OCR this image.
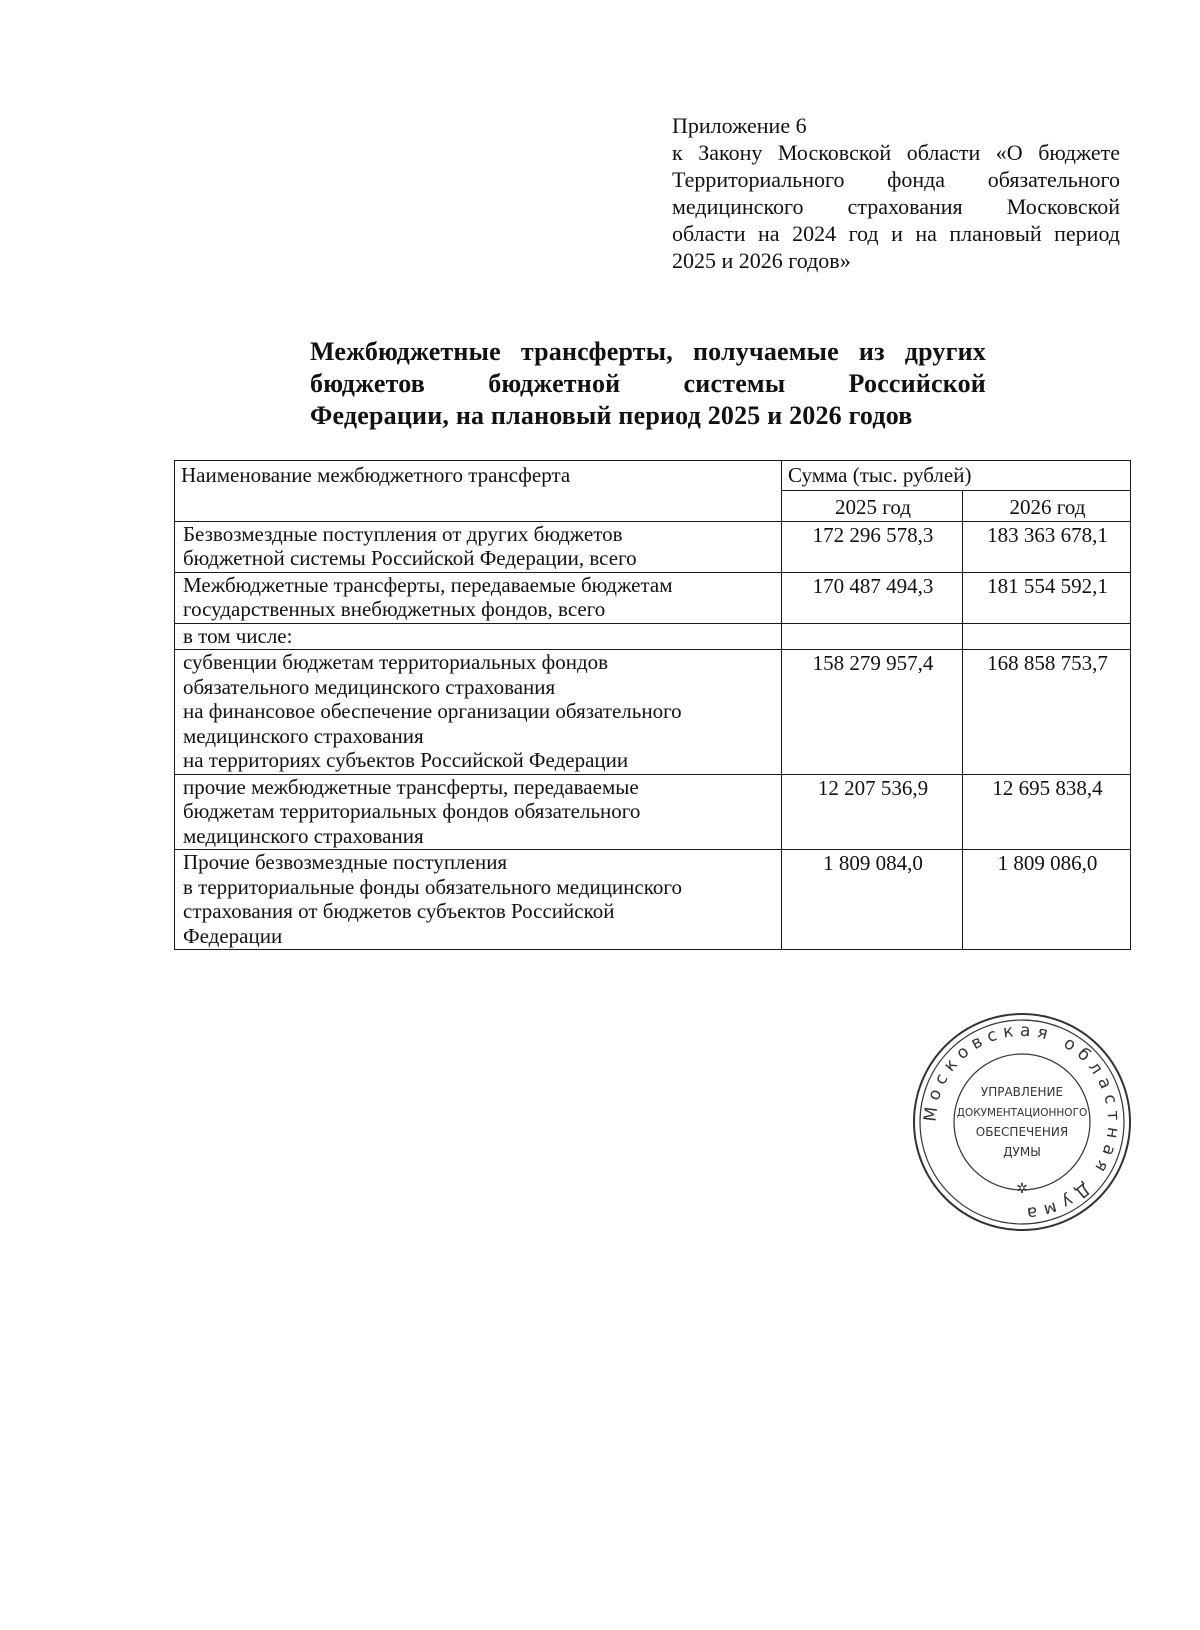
Приложение 6
к Закону Московской области «О бюджете
Территориального фонда обязательного
медицинского страхования Московской
области на 2024 год и на плановый период
2025 и 2026 годов»
Межбюджетные трансферты, получаемые из других
бюджетов бюджетной системы Российской
Федерации, на плановый период 2025 и 2026 годов
Наименование межбюджетного трансферта	Сумма (тыс. рублей)	
	2025 год	2026 год

Безвозмездные поступления от других бюджетов
бюджетной системы Российской Федерации, всего	172 296 578,3	183 363 678,1

Межбюджетные трансферты, передаваемые бюджетам
государственных внебюджетных фондов, всего	170 487 494,3	181 554 592,1

в том числе:		

субвенции бюджетам территориальных фондов
обязательного медицинского страхования
на финансовое обеспечение организации обязательного
медицинского страхования
на территориях субъектов Российской Федерации	158 279 957,4	168 858 753,7

прочие межбюджетные трансферты, передаваемые
бюджетам территориальных фондов обязательного
медицинского страхования	12 207 536,9	12 695 838,4

Прочие безвозмездные поступления
в территориальные фонды обязательного медицинского
страхования от бюджетов субъектов Российской
Федерации	1 809 084,0	1 809 086,0
Московская областная Дума
✲
УПРАВЛЕНИЕ
ДОКУМЕНТАЦИОННОГО
ОБЕСПЕЧЕНИЯ
ДУМЫ
